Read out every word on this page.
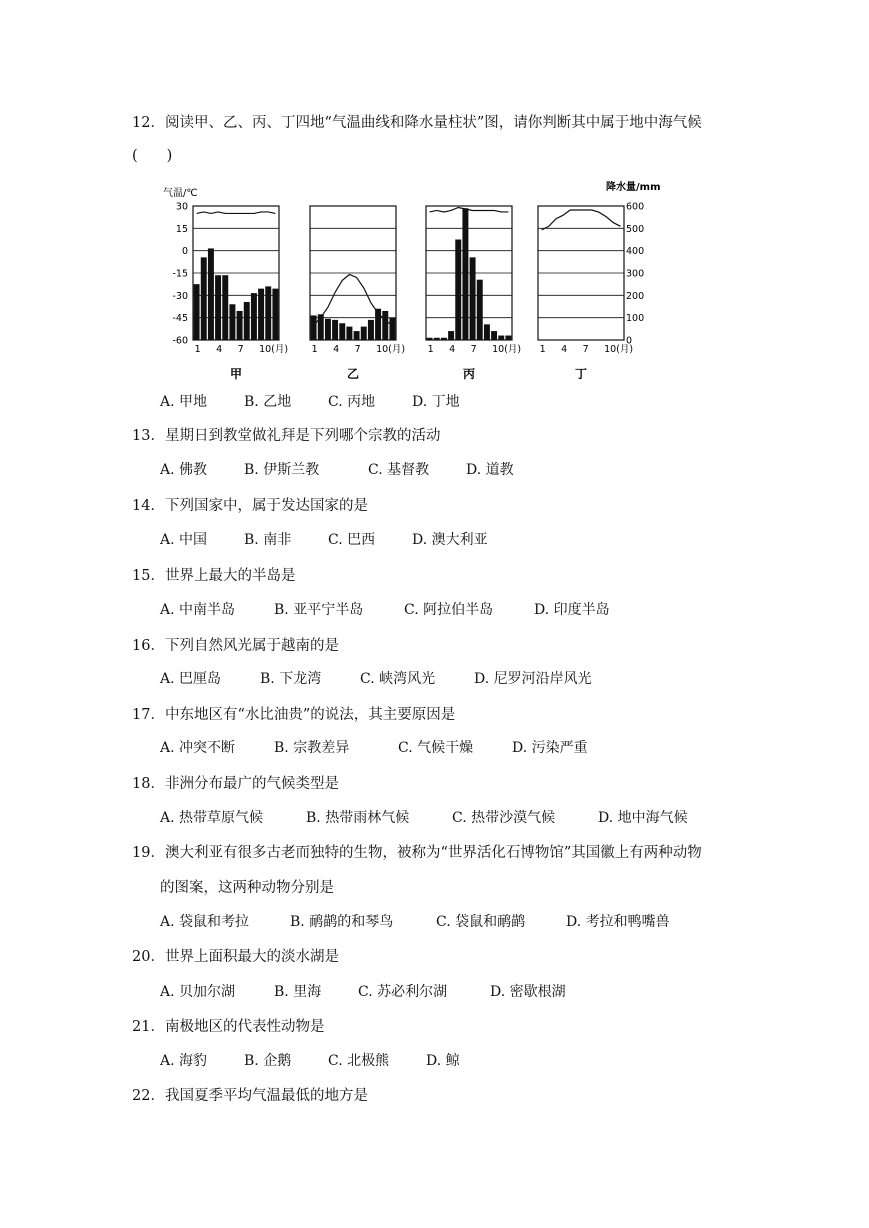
12．阅读甲、乙、丙、丁四地“气温曲线和降水量柱状”图，请你判断其中属于地中海气候
(　　)
气温/℃
降水量/mm
30
15
0
-15
-30
-45
-60
600
500
400
300
200
100
0
1 4 7 10(月)
甲
1 4 7 10(月)
乙
1 4 7 10(月)
丙
1 4 7 10(月)
丁
A. 甲地	B. 乙地	C. 丙地	D. 丁地
13．星期日到教堂做礼拜是下列哪个宗教的活动
A. 佛教	B. 伊斯兰教	C. 基督教	D. 道教
14．下列国家中，属于发达国家的是
A. 中国	B. 南非	C. 巴西	D. 澳大利亚
15．世界上最大的半岛是
A. 中南半岛	B. 亚平宁半岛	C. 阿拉伯半岛	D. 印度半岛
16．下列自然风光属于越南的是
A. 巴厘岛	B. 下龙湾	C. 峡湾风光	D. 尼罗河沿岸风光
17．中东地区有“水比油贵”的说法，其主要原因是
A. 冲突不断	B. 宗教差异	C. 气候干燥	D. 污染严重
18．非洲分布最广的气候类型是
A. 热带草原气候	B. 热带雨林气候	C. 热带沙漠气候	D. 地中海气候
19．澳大利亚有很多古老而独特的生物，被称为“世界活化石博物馆”其国徽上有两种动物
的图案，这两种动物分别是
A. 袋鼠和考拉	B. 鸸鹋的和琴鸟	C. 袋鼠和鸸鹋	D. 考拉和鸭嘴兽
20．世界上面积最大的淡水湖是
A. 贝加尔湖	B. 里海	C. 苏必利尔湖	D. 密歇根湖
21．南极地区的代表性动物是
A. 海豹	B. 企鹅	C. 北极熊	D. 鲸
22．我国夏季平均气温最低的地方是
